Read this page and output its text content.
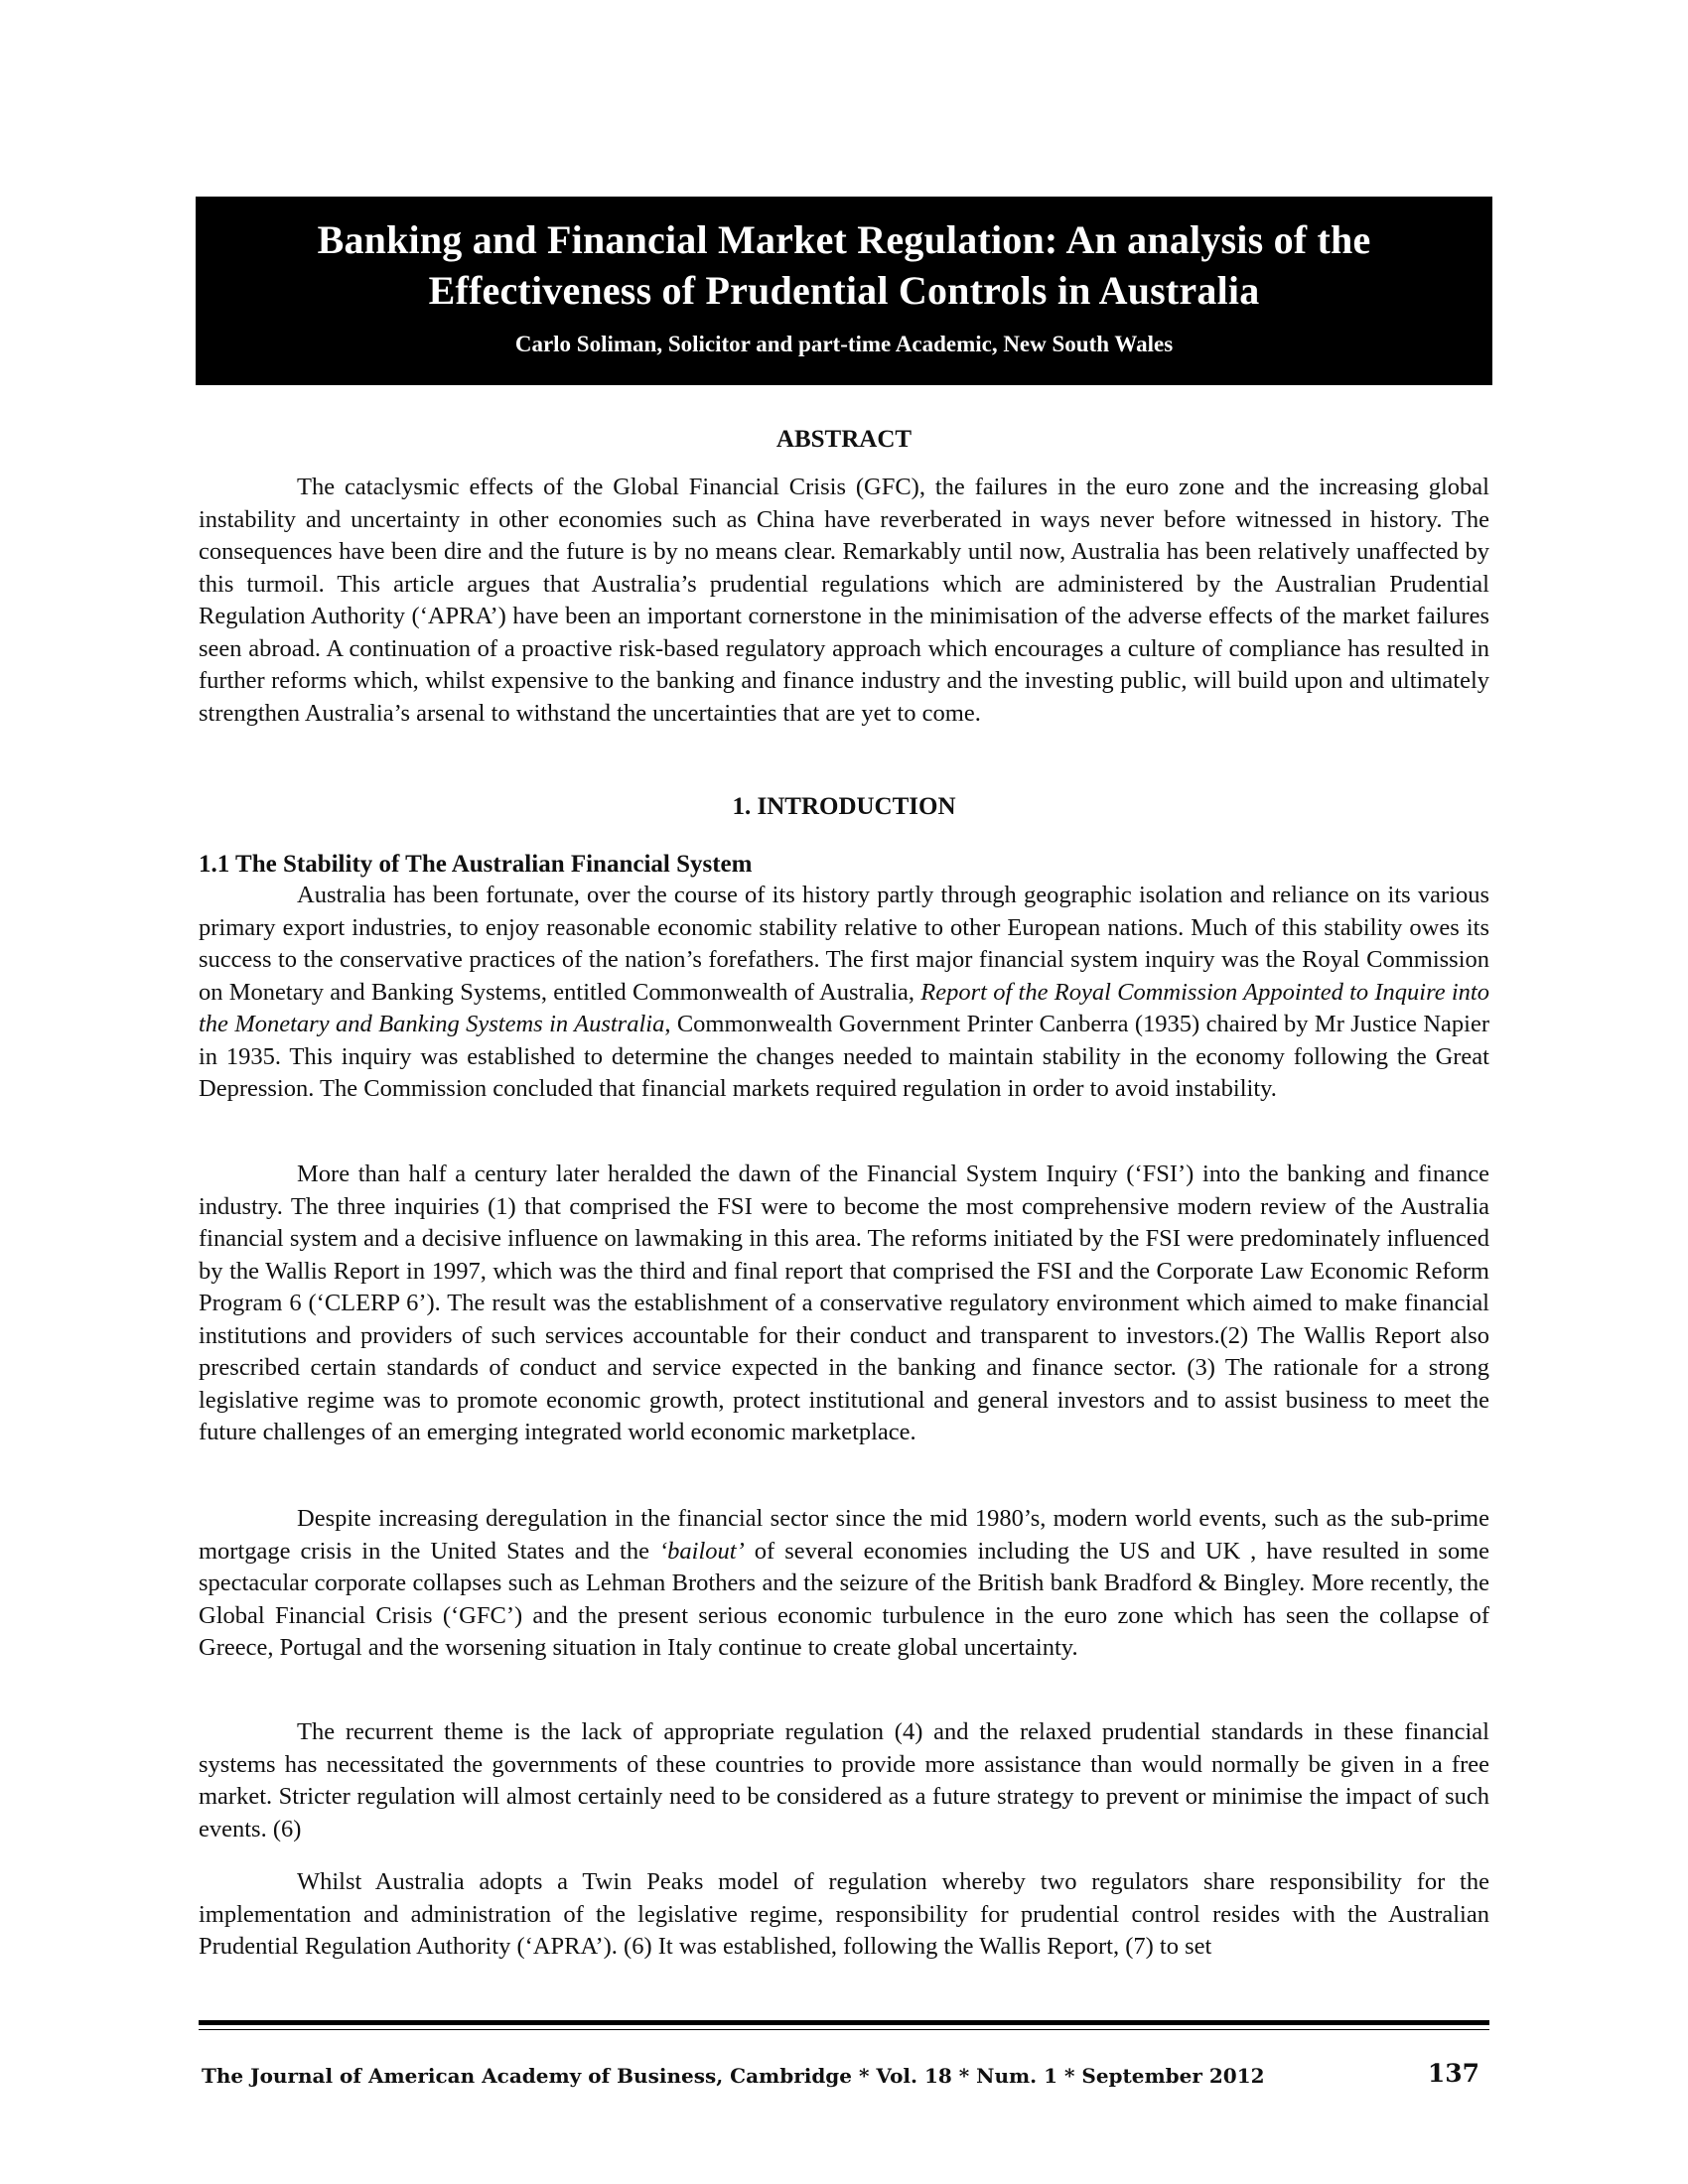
Banking and Financial Market Regulation: An analysis of the
Effectiveness of Prudential Controls in Australia
Carlo Soliman, Solicitor and part-time Academic, New South Wales
ABSTRACT

The cataclysmic effects of the Global Financial Crisis (GFC), the failures in the euro zone and the increasing global instability and uncertainty in other economies such as China have reverberated in ways never before witnessed in history. The consequences have been dire and the future is by no means clear. Remarkably until now, Australia has been relatively unaffected by this turmoil. This article argues that Australia’s prudential regulations which are administered by the Australian Prudential Regulation Authority (‘APRA’) have been an important cornerstone in the minimisation of the adverse effects of the market failures seen abroad. A continuation of a proactive risk-based regulatory approach which encourages a culture of compliance has resulted in further reforms which, whilst expensive to the banking and finance industry and the investing public, will build upon and ultimately strengthen Australia’s arsenal to withstand the uncertainties that are yet to come.

1. INTRODUCTION
1.1 The Stability of The Australian Financial System

Australia has been fortunate, over the course of its history partly through geographic isolation and reliance on its various primary export industries, to enjoy reasonable economic stability relative to other European nations. Much of this stability owes its success to the conservative practices of the nation’s forefathers. The first major financial system inquiry was the Royal Commission on Monetary and Banking Systems, entitled Commonwealth of Australia, Report of the Royal Commission Appointed to Inquire into the Monetary and Banking Systems in Australia, Commonwealth Government Printer Canberra (1935) chaired by Mr Justice Napier in 1935. This inquiry was established to determine the changes needed to maintain stability in the economy following the Great Depression. The Commission concluded that financial markets required regulation in order to avoid instability.

More than half a century later heralded the dawn of the Financial System Inquiry (‘FSI’) into the banking and finance industry. The three inquiries (1) that comprised the FSI were to become the most comprehensive modern review of the Australia financial system and a decisive influence on lawmaking in this area. The reforms initiated by the FSI were predominately influenced by the Wallis Report in 1997, which was the third and final report that comprised the FSI and the Corporate Law Economic Reform Program 6 (‘CLERP 6’). The result was the establishment of a conservative regulatory environment which aimed to make financial institutions and providers of such services accountable for their conduct and transparent to investors.(2) The Wallis Report also prescribed certain standards of conduct and service expected in the banking and finance sector. (3) The rationale for a strong legislative regime was to promote economic growth, protect institutional and general investors and to assist business to meet the future challenges of an emerging integrated world economic marketplace.

Despite increasing deregulation in the financial sector since the mid 1980’s, modern world events, such as the sub-prime mortgage crisis in the United States and the ‘bailout’ of several economies including the US and UK , have resulted in some spectacular corporate collapses such as Lehman Brothers and the seizure of the British bank Bradford & Bingley. More recently, the Global Financial Crisis (‘GFC’) and the present serious economic turbulence in the euro zone which has seen the collapse of Greece, Portugal and the worsening situation in Italy continue to create global uncertainty.

The recurrent theme is the lack of appropriate regulation (4) and the relaxed prudential standards in these financial systems has necessitated the governments of these countries to provide more assistance than would normally be given in a free market. Stricter regulation will almost certainly need to be considered as a future strategy to prevent or minimise the impact of such events. (6)

Whilst Australia adopts a Twin Peaks model of regulation whereby two regulators share responsibility for the implementation and administration of the legislative regime, responsibility for prudential control resides with the Australian Prudential Regulation Authority (‘APRA’). (6) It was established, following the Wallis Report, (7) to set

The Journal of American Academy of Business, Cambridge * Vol. 18 * Num. 1 * September 2012	137
